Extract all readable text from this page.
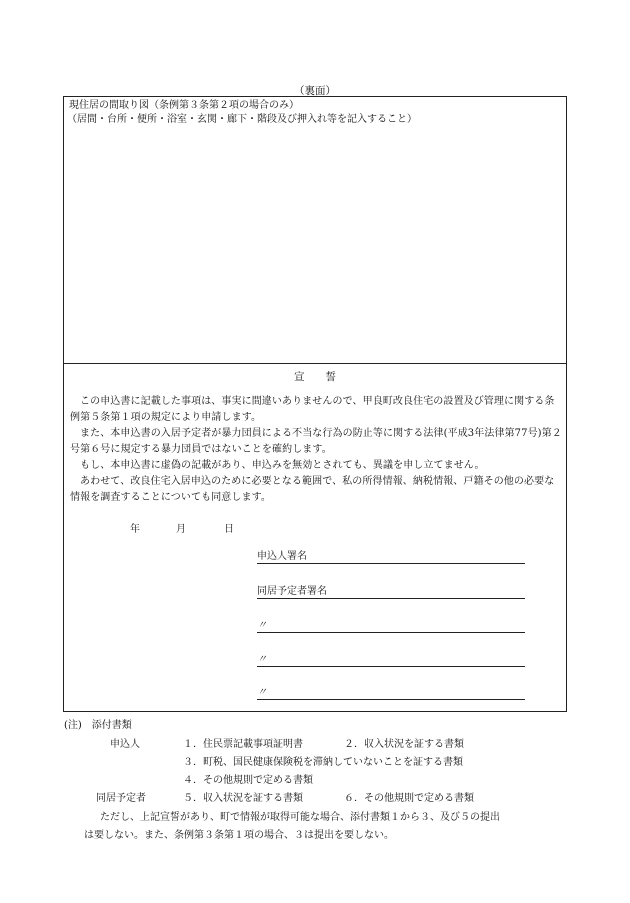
（裏面）
現住居の間取り図（条例第３条第２項の場合のみ）
（居間・台所・便所・浴室・玄関・廊下・階段及び押入れ等を記入すること）
宣　　誓
この申込書に記載した事項は、事実に間違いありませんので、甲良町改良住宅の設置及び管理に関する条例第５条第１項の規定により申請します。
また、本申込書の入居予定者が暴力団員による不当な行為の防止等に関する法律(平成3年法律第77号)第２号第６号に規定する暴力団員ではないことを確約します。
もし、本申込書に虚偽の記載があり、申込みを無効とされても、異議を申し立てません。
あわせて、改良住宅入居申込のために必要となる範囲で、私の所得情報、納税情報、戸籍その他の必要な情報を調査することについても同意します。
年	月	日
申込人署名
同居予定者署名
〃
〃
〃
(注)　添付書類
申込人	１．住民票記載事項証明書	２．収入状況を証する書類
３．町税、国民健康保険税を滞納していないことを証する書類
４．その他規則で定める書類
同居予定者	５．収入状況を証する書類	６．その他規則で定める書類
ただし、上記宣誓があり、町で情報が取得可能な場合、添付書類１から３、及び５の提出
は要しない。また、条例第３条第１項の場合、３は提出を要しない。
